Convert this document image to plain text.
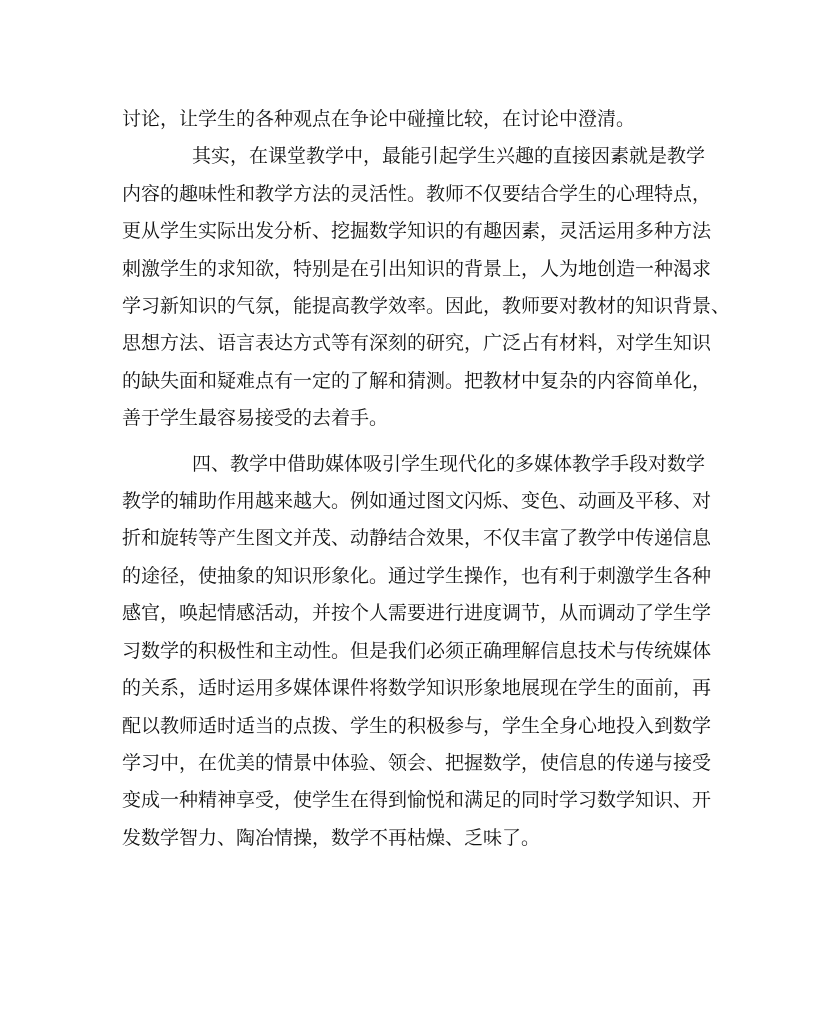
讨论，让学生的各种观点在争论中碰撞比较，在讨论中澄清。
其实，在课堂教学中，最能引起学生兴趣的直接因素就是教学
内容的趣味性和教学方法的灵活性。教师不仅要结合学生的心理特点，
更从学生实际出发分析、挖掘数学知识的有趣因素，灵活运用多种方法
刺激学生的求知欲，特别是在引出知识的背景上，人为地创造一种渴求
学习新知识的气氛，能提高教学效率。因此，教师要对教材的知识背景、
思想方法、语言表达方式等有深刻的研究，广泛占有材料，对学生知识
的缺失面和疑难点有一定的了解和猜测。把教材中复杂的内容简单化，
善于学生最容易接受的去着手。
四、教学中借助媒体吸引学生现代化的多媒体教学手段对数学
教学的辅助作用越来越大。例如通过图文闪烁、变色、动画及平移、对
折和旋转等产生图文并茂、动静结合效果，不仅丰富了教学中传递信息
的途径，使抽象的知识形象化。通过学生操作，也有利于刺激学生各种
感官，唤起情感活动，并按个人需要进行进度调节，从而调动了学生学
习数学的积极性和主动性。但是我们必须正确理解信息技术与传统媒体
的关系，适时运用多媒体课件将数学知识形象地展现在学生的面前，再
配以教师适时适当的点拨、学生的积极参与，学生全身心地投入到数学
学习中，在优美的情景中体验、领会、把握数学，使信息的传递与接受
变成一种精神享受，使学生在得到愉悦和满足的同时学习数学知识、开
发数学智力、陶冶情操，数学不再枯燥、乏味了。
